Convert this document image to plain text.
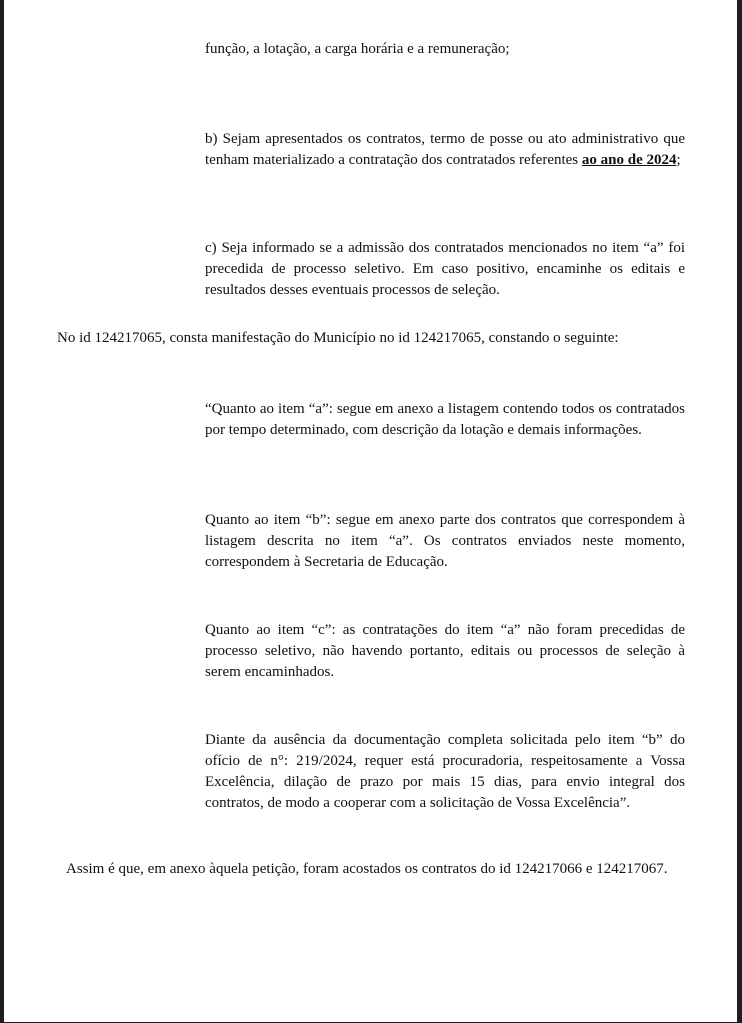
função, a lotação, a carga horária e a remuneração;

b) Sejam apresentados os contratos, termo de posse ou ato administrativo que tenham materializado a contratação dos contratados referentes ao ano de 2024;

c) Seja informado se a admissão dos contratados mencionados no item “a” foi precedida de processo seletivo. Em caso positivo, encaminhe os editais e resultados desses eventuais processos de seleção.

No id 124217065, consta manifestação do Município no id 124217065, constando o seguinte:

“Quanto ao item “a”: segue em anexo a listagem contendo todos os contratados por tempo determinado, com descrição da lotação e demais informações.

Quanto ao item “b”: segue em anexo parte dos contratos que correspondem à listagem descrita no item “a”. Os contratos enviados neste momento, correspondem à Secretaria de Educação.

Quanto ao item “c”: as contratações do item “a” não foram precedidas de processo seletivo, não havendo portanto, editais ou processos de seleção à serem encaminhados.

Diante da ausência da documentação completa solicitada pelo item “b” do ofício de n°: 219/2024, requer está procuradoria, respeitosamente a Vossa Excelência, dilação de prazo por mais 15 dias, para envio integral dos contratos, de modo a cooperar com a solicitação de Vossa Excelência”.

Assim é que, em anexo àquela petição, foram acostados os contratos do id 124217066 e 124217067.
